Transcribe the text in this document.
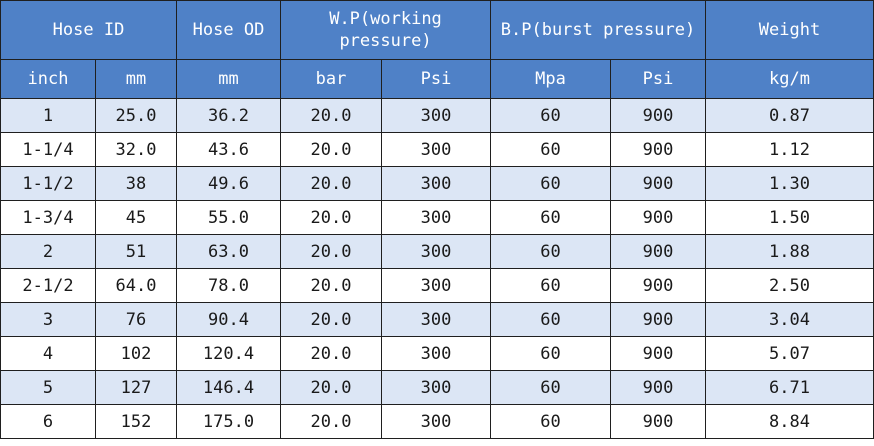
Hose ID		Hose OD	W.P(working pressure)		B.P(burst pressure)		Weight
inch	mm	mm	bar	Psi	Mpa	Psi	kg/m
1	25.0	36.2	20.0	300	60	900	0.87
1-1/4	32.0	43.6	20.0	300	60	900	1.12
1-1/2	38	49.6	20.0	300	60	900	1.30
1-3/4	45	55.0	20.0	300	60	900	1.50
2	51	63.0	20.0	300	60	900	1.88
2-1/2	64.0	78.0	20.0	300	60	900	2.50
3	76	90.4	20.0	300	60	900	3.04
4	102	120.4	20.0	300	60	900	5.07
5	127	146.4	20.0	300	60	900	6.71
6	152	175.0	20.0	300	60	900	8.84
